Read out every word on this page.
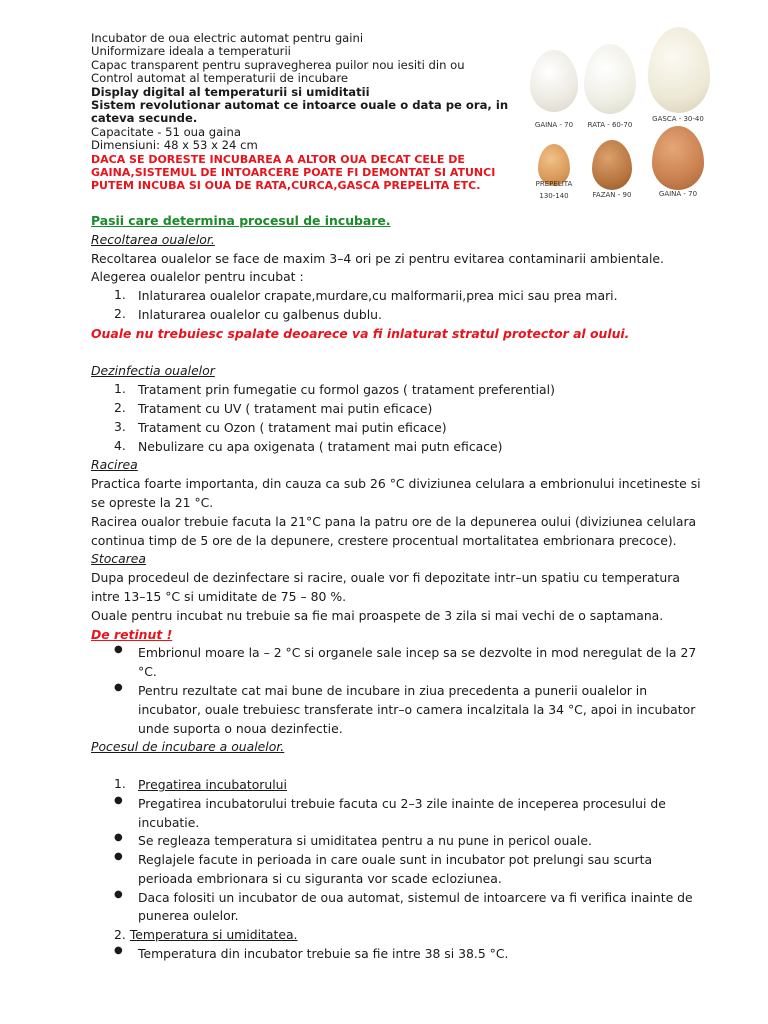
Incubator de oua electric automat pentru gaini
Uniformizare ideala a temperaturii
Capac transparent pentru supravegherea puilor nou iesiti din ou
Control automat al temperaturii de incubare
Display digital al temperaturii si umiditatii
Sistem revolutionar automat ce intoarce ouale o data pe ora, in cateva secunde.
Capacitate - 51 oua gaina
Dimensiuni: 48 x 53 x 24 cm
DACA SE DORESTE INCUBAREA A ALTOR OUA DECAT CELE DE GAINA,SISTEMUL DE INTOARCERE POATE FI DEMONTAT SI ATUNCI PUTEM INCUBA SI OUA DE RATA,CURCA,GASCA PREPELITA ETC.
GAINA - 70	RATA - 60-70
GASCA - 30-40
PREPELITA
130-140	FAZAN - 90	GAINA - 70
Pasii care determina procesul de incubare.
Recoltarea oualelor.
Recoltarea oualelor se face de maxim 3–4 ori pe zi pentru evitarea contaminarii ambientale.
Alegerea oualelor pentru incubat :
1. Inlaturarea oualelor crapate,murdare,cu malformarii,prea mici sau prea mari.
2. Inlaturarea oualelor cu galbenus dublu.
Ouale nu trebuiesc spalate deoarece va fi inlaturat stratul protector al oului.
Dezinfectia oualelor
1. Tratament prin fumegatie cu formol gazos ( tratament preferential)
2. Tratament cu UV ( tratament mai putin eficace)
3. Tratament cu Ozon ( tratament mai putin eficace)
4. Nebulizare cu apa oxigenata ( tratament mai putn eficace)
Racirea
Practica foarte importanta, din cauza ca sub 26 °C diviziunea celulara a embrionului incetineste si
se opreste la 21 °C.
Racirea oualor trebuie facuta la 21°C pana la patru ore de la depunerea oului (diviziunea celulara
continua timp de 5 ore de la depunere, crestere procentual mortalitatea embrionara precoce).
Stocarea
Dupa procedeul de dezinfectare si racire, ouale vor fi depozitate intr–un spatiu cu temperatura
intre 13–15 °C si umiditate de 75 – 80 %.
Ouale pentru incubat nu trebuie sa fie mai proaspete de 3 zila si mai vechi de o saptamana.
De retinut !
●	Embrionul moare la – 2 °C si organele sale incep sa se dezvolte in mod neregulat de la 27
°C.
●	Pentru rezultate cat mai bune de incubare in ziua precedenta a punerii oualelor in
incubator, ouale trebuiesc transferate intr–o camera incalzitala la 34 °C, apoi in incubator
unde suporta o noua dezinfectie.
Pocesul de incubare a oualelor.
1. Pregatirea incubatorului
●	Pregatirea incubatorului trebuie facuta cu 2–3 zile inainte de inceperea procesului de
incubatie.
●	Se regleaza temperatura si umiditatea pentru a nu pune in pericol ouale.
●	Reglajele facute in perioada in care ouale sunt in incubator pot prelungi sau scurta
perioada embrionara si cu siguranta vor scade ecloziunea.
●	Daca folositi un incubator de oua automat, sistemul de intoarcere va fi verifica inainte de
punerea oulelor.
2. Temperatura si umiditatea.
●	Temperatura din incubator trebuie sa fie intre 38 si 38.5 °C.
